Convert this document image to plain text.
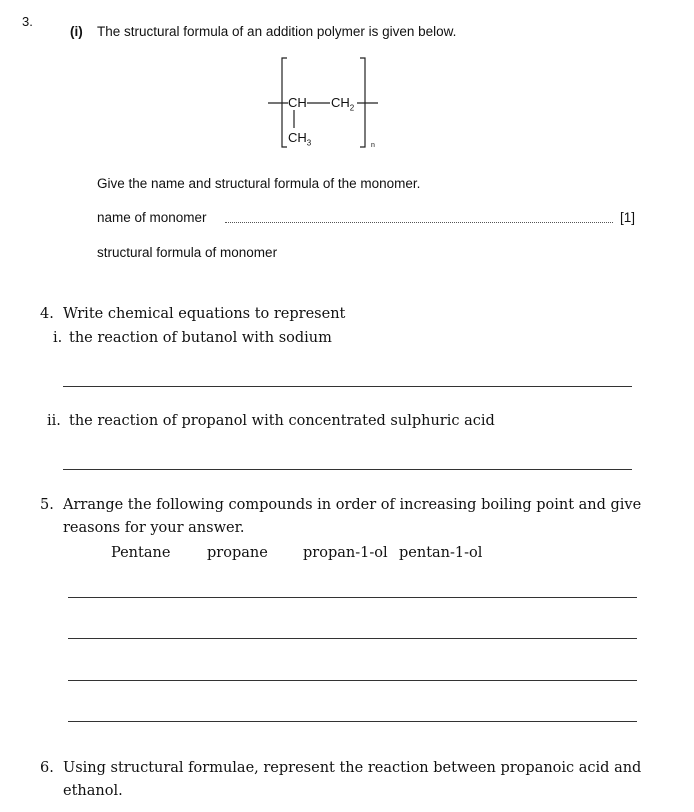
3.
(i) The structural formula of an addition polymer is given below.
CH $CH_2$
$CH_3$	n
Give the name and structural formula of the monomer.
name of monomer	[1]
structural formula of monomer
4. Write chemical equations to represent
i. the reaction of butanol with sodium
ii. the reaction of propanol with concentrated sulphuric acid
5. Arrange the following compounds in order of increasing boiling point and give
reasons for your answer.
Pentane	propane propan-1-ol pentan-1-ol
6. Using structural formulae, represent the reaction between propanoic acid and
ethanol.
